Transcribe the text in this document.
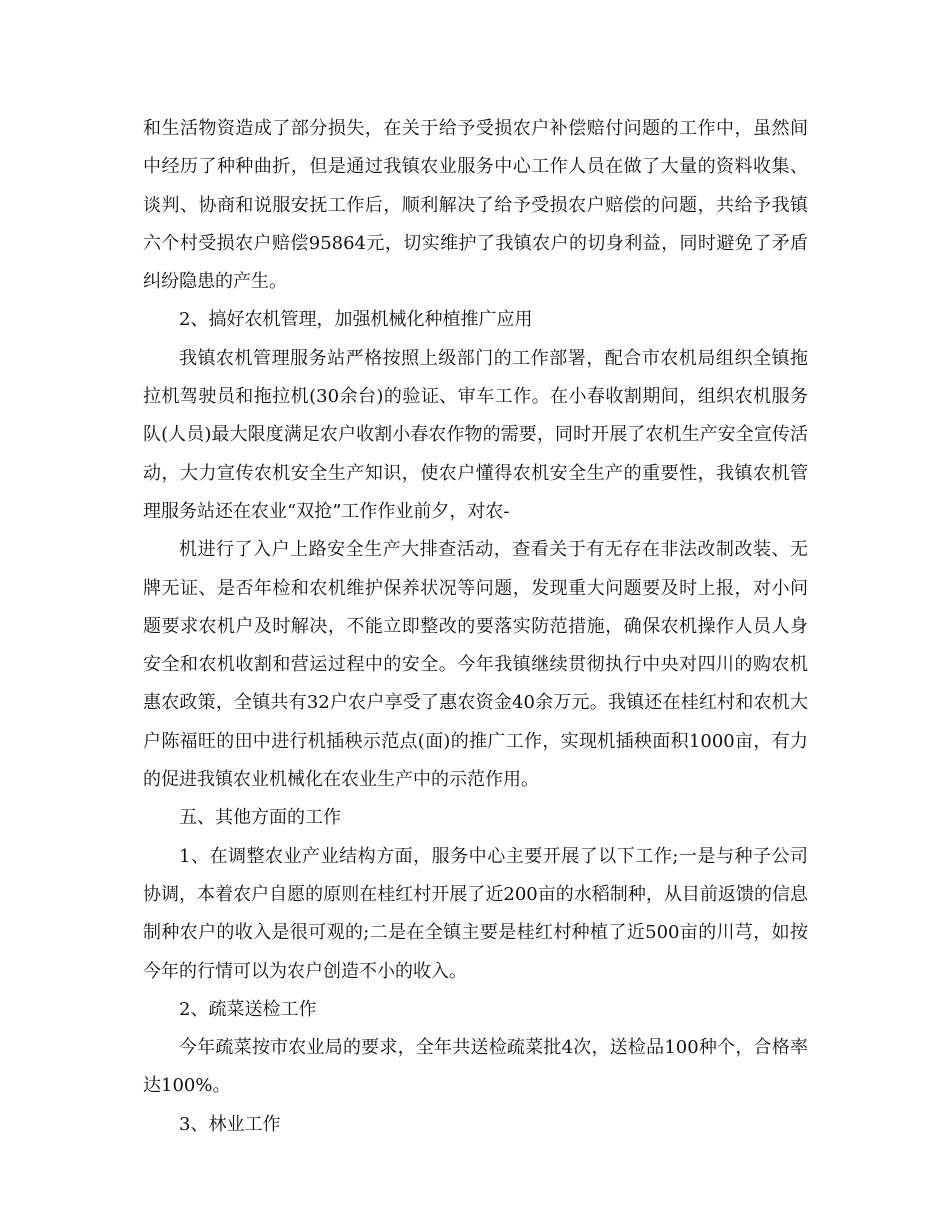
和生活物资造成了部分损失，在关于给予受损农户补偿赔付问题的工作中，虽然间中经历了种种曲折，但是通过我镇农业服务中心工作人员在做了大量的资料收集、谈判、协商和说服安抚工作后，顺利解决了给予受损农户赔偿的问题，共给予我镇六个村受损农户赔偿95864元，切实维护了我镇农户的切身利益，同时避免了矛盾纠纷隐患的产生。

2、搞好农机管理，加强机械化种植推广应用

我镇农机管理服务站严格按照上级部门的工作部署，配合市农机局组织全镇拖拉机驾驶员和拖拉机(30余台)的验证、审车工作。在小春收割期间，组织农机服务队(人员)最大限度满足农户收割小春农作物的需要，同时开展了农机生产安全宣传活动，大力宣传农机安全生产知识，使农户懂得农机安全生产的重要性，我镇农机管理服务站还在农业“双抢”工作作业前夕，对农-

机进行了入户上路安全生产大排查活动，查看关于有无存在非法改制改装、无牌无证、是否年检和农机维护保养状况等问题，发现重大问题要及时上报，对小问题要求农机户及时解决，不能立即整改的要落实防范措施，确保农机操作人员人身安全和农机收割和营运过程中的安全。今年我镇继续贯彻执行中央对四川的购农机惠农政策，全镇共有32户农户享受了惠农资金40余万元。我镇还在桂红村和农机大户陈福旺的田中进行机插秧示范点(面)的推广工作，实现机插秧面积1000亩，有力的促进我镇农业机械化在农业生产中的示范作用。

五、其他方面的工作

1、在调整农业产业结构方面，服务中心主要开展了以下工作;一是与种子公司协调，本着农户自愿的原则在桂红村开展了近200亩的水稻制种，从目前返馈的信息制种农户的收入是很可观的;二是在全镇主要是桂红村种植了近500亩的川芎，如按今年的行情可以为农户创造不小的收入。

2、疏菜送检工作

今年疏菜按市农业局的要求，全年共送检疏菜批4次，送检品100种个，合格率达100%。

3、林业工作
